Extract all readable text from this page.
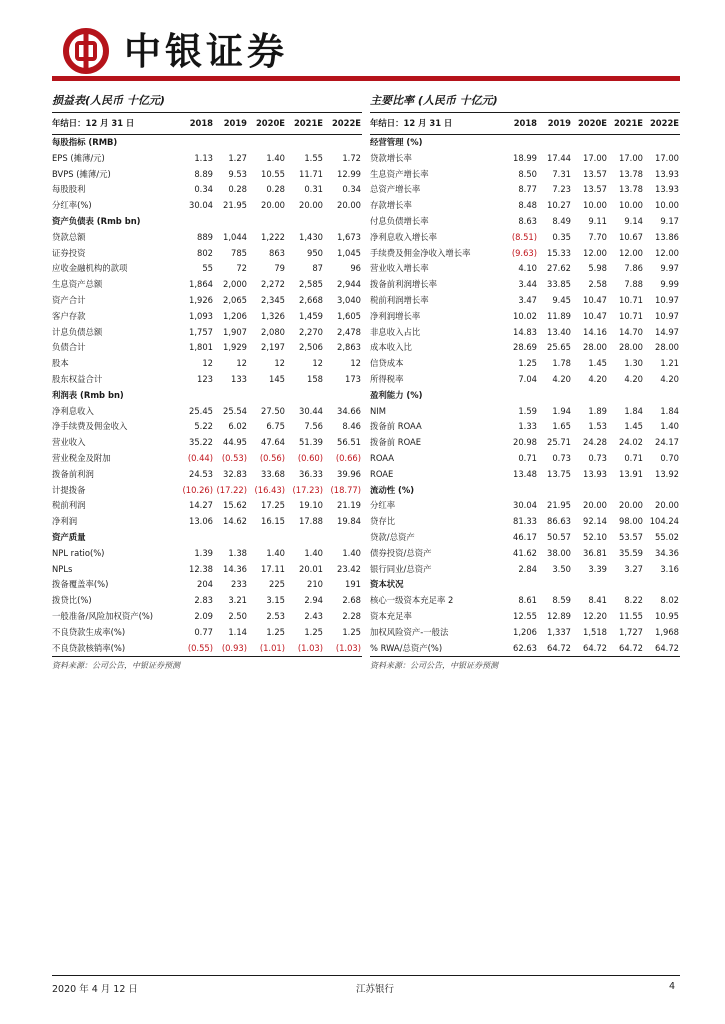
中银证券
损益表(人民币 十亿元)
年结日：12 月 31 日	2018	2019	2020E	2021E	2022E
每股指标 (RMB)					
EPS (摊薄/元)	1.13	1.27	1.40	1.55	1.72
BVPS (摊薄/元)	8.89	9.53	10.55	11.71	12.99
每股股利	0.34	0.28	0.28	0.31	0.34
分红率(%)	30.04	21.95	20.00	20.00	20.00
资产负债表 (Rmb bn)					
贷款总额	889	1,044	1,222	1,430	1,673
证券投资	802	785	863	950	1,045
应收金融机构的款项	55	72	79	87	96
生息资产总额	1,864	2,000	2,272	2,585	2,944
资产合计	1,926	2,065	2,345	2,668	3,040
客户存款	1,093	1,206	1,326	1,459	1,605
计息负债总额	1,757	1,907	2,080	2,270	2,478
负债合计	1,801	1,929	2,197	2,506	2,863
股本	12	12	12	12	12
股东权益合计	123	133	145	158	173
利润表 (Rmb bn)					
净利息收入	25.45	25.54	27.50	30.44	34.66
净手续费及佣金收入	5.22	6.02	6.75	7.56	8.46
营业收入	35.22	44.95	47.64	51.39	56.51
营业税金及附加	(0.44)	(0.53)	(0.56)	(0.60)	(0.66)
拨备前利润	24.53	32.83	33.68	36.33	39.96
计提拨备	(10.26)	(17.22)	(16.43)	(17.23)	(18.77)
税前利润	14.27	15.62	17.25	19.10	21.19
净利润	13.06	14.62	16.15	17.88	19.84
资产质量					
NPL ratio(%)	1.39	1.38	1.40	1.40	1.40
NPLs	12.38	14.36	17.11	20.01	23.42
拨备覆盖率(%)	204	233	225	210	191
拨贷比(%)	2.83	3.21	3.15	2.94	2.68
一般准备/风险加权资产(%)	2.09	2.50	2.53	2.43	2.28
不良贷款生成率(%)	0.77	1.14	1.25	1.25	1.25
不良贷款核销率(%)	(0.55)	(0.93)	(1.01)	(1.03)	(1.03)
资料来源：公司公告，中银证券预测
主要比率 (人民币 十亿元)
年结日：12 月 31 日	2018	2019	2020E	2021E	2022E
经营管理 (%)					
贷款增长率	18.99	17.44	17.00	17.00	17.00
生息资产增长率	8.50	7.31	13.57	13.78	13.93
总资产增长率	8.77	7.23	13.57	13.78	13.93
存款增长率	8.48	10.27	10.00	10.00	10.00
付息负债增长率	8.63	8.49	9.11	9.14	9.17
净利息收入增长率	(8.51)	0.35	7.70	10.67	13.86
手续费及佣金净收入增长率	(9.63)	15.33	12.00	12.00	12.00
营业收入增长率	4.10	27.62	5.98	7.86	9.97
拨备前利润增长率	3.44	33.85	2.58	7.88	9.99
税前利润增长率	3.47	9.45	10.47	10.71	10.97
净利润增长率	10.02	11.89	10.47	10.71	10.97
非息收入占比	14.83	13.40	14.16	14.70	14.97
成本收入比	28.69	25.65	28.00	28.00	28.00
信贷成本	1.25	1.78	1.45	1.30	1.21
所得税率	7.04	4.20	4.20	4.20	4.20
盈利能力 (%)					
NIM	1.59	1.94	1.89	1.84	1.84
拨备前 ROAA	1.33	1.65	1.53	1.45	1.40
拨备前 ROAE	20.98	25.71	24.28	24.02	24.17
ROAA	0.71	0.73	0.73	0.71	0.70
ROAE	13.48	13.75	13.93	13.91	13.92
流动性 (%)					
分红率	30.04	21.95	20.00	20.00	20.00
贷存比	81.33	86.63	92.14	98.00	104.24
贷款/总资产	46.17	50.57	52.10	53.57	55.02
债券投资/总资产	41.62	38.00	36.81	35.59	34.36
银行同业/总资产	2.84	3.50	3.39	3.27	3.16
资本状况					
核心一级资本充足率 2	8.61	8.59	8.41	8.22	8.02
资本充足率	12.55	12.89	12.20	11.55	10.95
加权风险资产-一般法	1,206	1,337	1,518	1,727	1,968
% RWA/总资产(%)	62.63	64.72	64.72	64.72	64.72
资料来源：公司公告，中银证券预测
2020 年 4 月 12 日	江苏银行	4
